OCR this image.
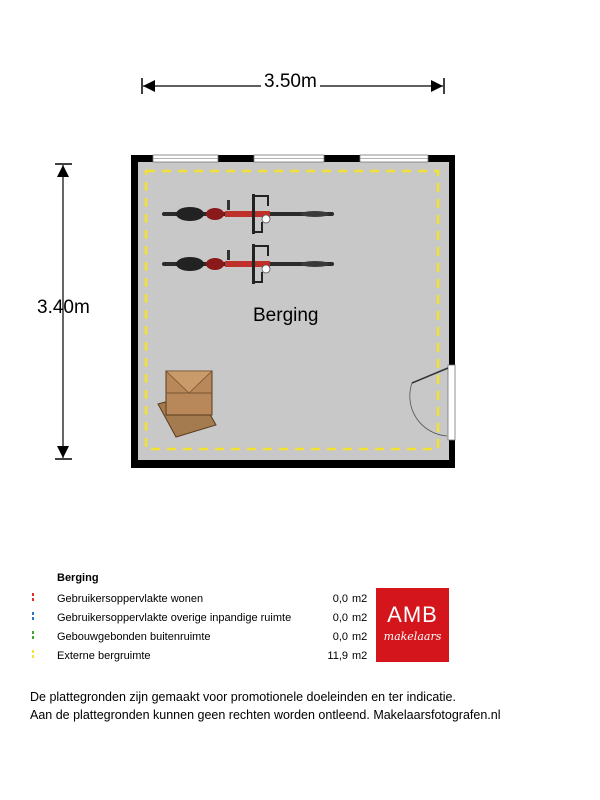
3.50m
3.40m	Berging
Berging
Gebruikersoppervlakte wonen	0,0 m2
Gebruikersoppervlakte overige inpandige ruimte	0,0 m2
Gebouwgebonden buitenruimte	0,0 m2
Externe bergruimte	11,9 m2
AMB
makelaars
De plattegronden zijn gemaakt voor promotionele doeleinden en ter indicatie.
Aan de plattegronden kunnen geen rechten worden ontleend. Makelaarsfotografen.nl
